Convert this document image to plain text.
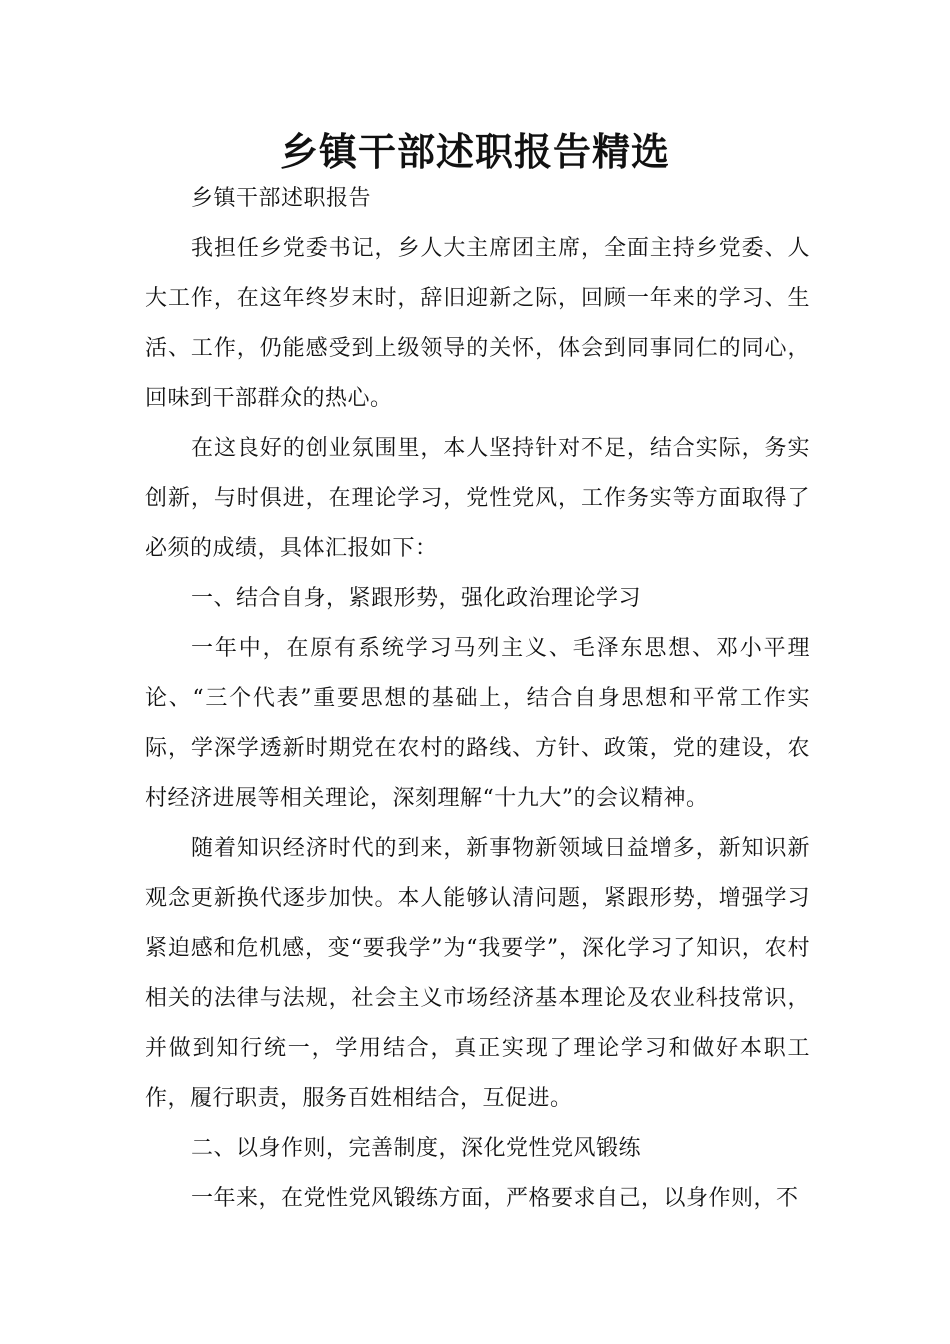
乡镇干部述职报告精选

乡镇干部述职报告

我担任乡党委书记，乡人大主席团主席，全面主持乡党委、人大工作，在这年终岁末时，辞旧迎新之际，回顾一年来的学习、生活、工作，仍能感受到上级领导的关怀，体会到同事同仁的同心，回味到干部群众的热心。

在这良好的创业氛围里，本人坚持针对不足，结合实际，务实创新，与时俱进，在理论学习，党性党风，工作务实等方面取得了必须的成绩，具体汇报如下：

一、结合自身，紧跟形势，强化政治理论学习

一年中，在原有系统学习马列主义、毛泽东思想、邓小平理论、“三个代表”重要思想的基础上，结合自身思想和平常工作实际，学深学透新时期党在农村的路线、方针、政策，党的建设，农村经济进展等相关理论，深刻理解“十九大”的会议精神。

随着知识经济时代的到来，新事物新领域日益增多，新知识新观念更新换代逐步加快。本人能够认清问题，紧跟形势，增强学习紧迫感和危机感，变“要我学”为“我要学”，深化学习了知识，农村相关的法律与法规，社会主义市场经济基本理论及农业科技常识，并做到知行统一，学用结合，真正实现了理论学习和做好本职工作，履行职责，服务百姓相结合，互促进。

二、以身作则，完善制度，深化党性党风锻练

一年来，在党性党风锻练方面，严格要求自己，以身作则，不
